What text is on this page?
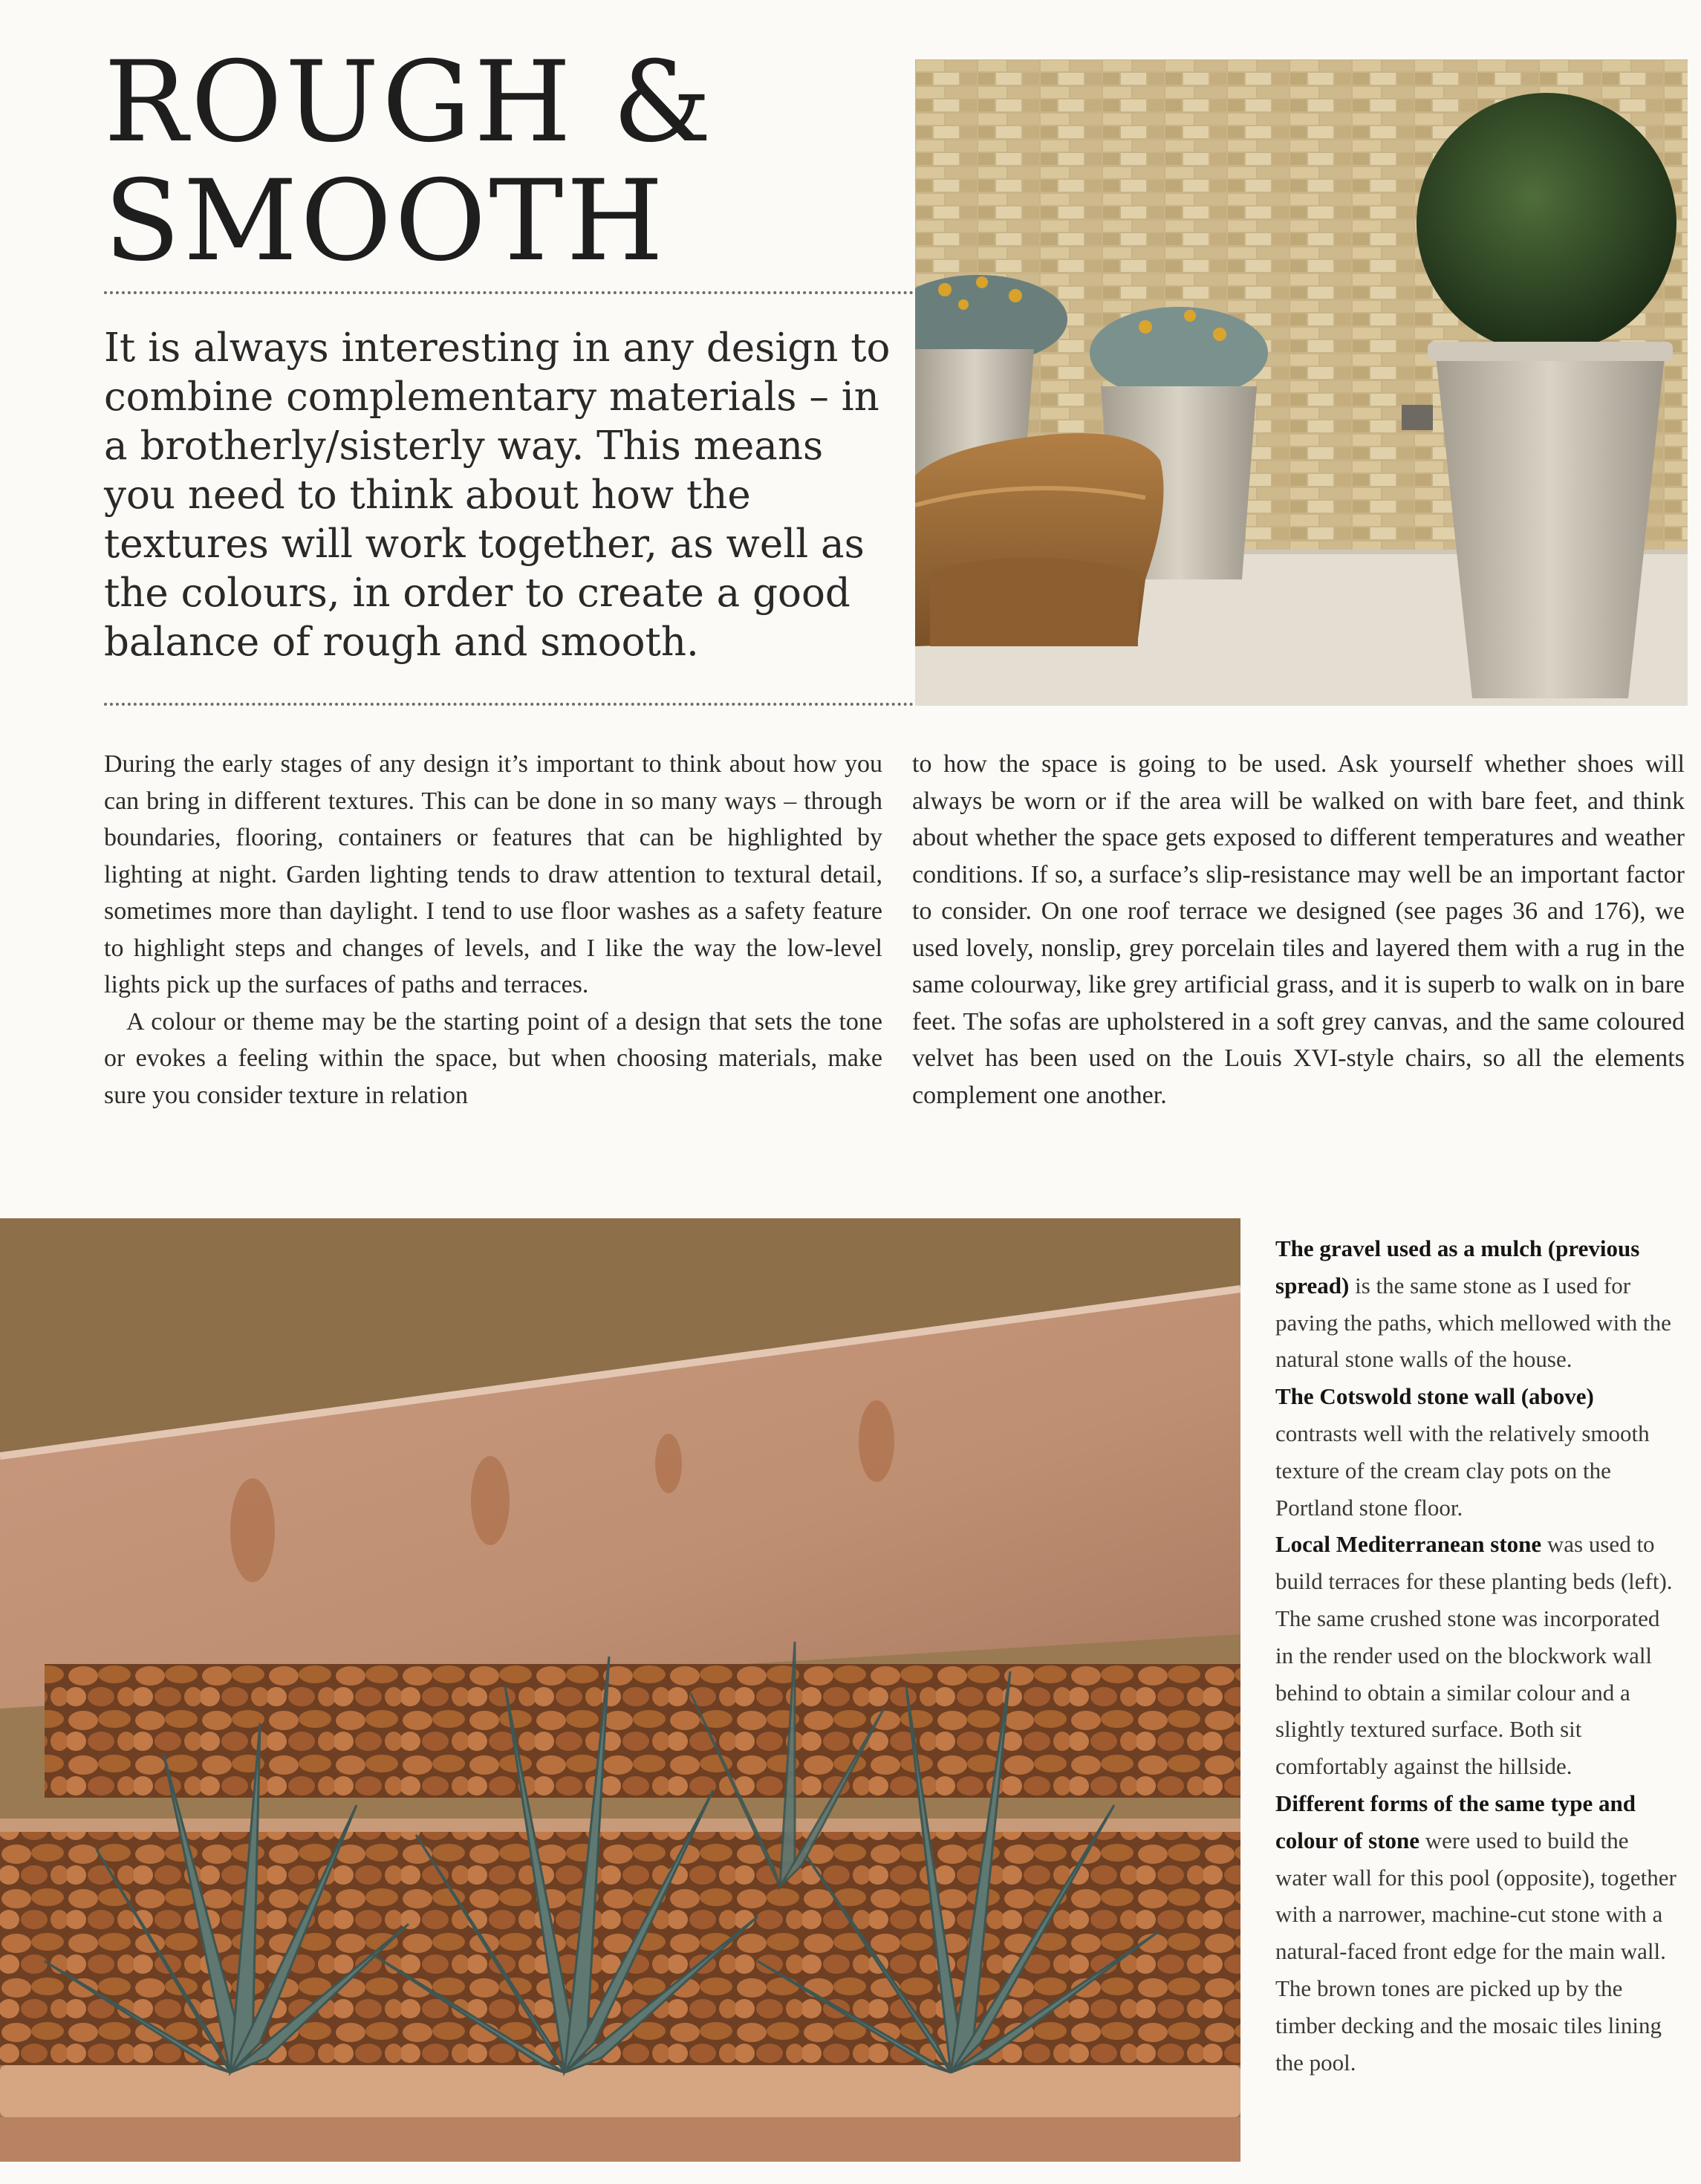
ROUGH &
SMOOTH

It is always interesting in any design to combine complementary materials – in a brotherly/sisterly way. This means you need to think about how the textures will work together, as well as the colours, in order to create a good balance of rough and smooth.

During the early stages of any design it’s important to think about how you can bring in different textures. This can be done in so many ways – through boundaries, flooring, containers or features that can be highlighted by lighting at night. Garden lighting tends to draw attention to textural detail, sometimes more than daylight. I tend to use floor washes as a safety feature to highlight steps and changes of levels, and I like the way the low-level lights pick up the surfaces of paths and terraces.

A colour or theme may be the starting point of a design that sets the tone or evokes a feeling within the space, but when choosing materials, make sure you consider texture in relation

to how the space is going to be used. Ask yourself whether shoes will always be worn or if the area will be walked on with bare feet, and think about whether the space gets exposed to different temperatures and weather conditions. If so, a surface’s slip-resistance may well be an important factor to consider. On one roof terrace we designed (see pages 36 and 176), we used lovely, nonslip, grey porcelain tiles and layered them with a rug in the same colourway, like grey artificial grass, and it is superb to walk on in bare feet. The sofas are upholstered in a soft grey canvas, and the same coloured velvet has been used on the Louis XVI-style chairs, so all the elements complement one another.

The gravel used as a mulch (previous spread) is the same stone as I used for paving the paths, which mellowed with the natural stone walls of the house.

The Cotswold stone wall (above) contrasts well with the relatively smooth texture of the cream clay pots on the Portland stone floor.

Local Mediterranean stone was used to build terraces for these planting beds (left). The same crushed stone was incorporated in the render used on the blockwork wall behind to obtain a similar colour and a slightly textured surface. Both sit comfortably against the hillside.

Different forms of the same type and colour of stone were used to build the water wall for this pool (opposite), together with a narrower, machine-cut stone with a natural-faced front edge for the main wall. The brown tones are picked up by the timber decking and the mosaic tiles lining the pool.
